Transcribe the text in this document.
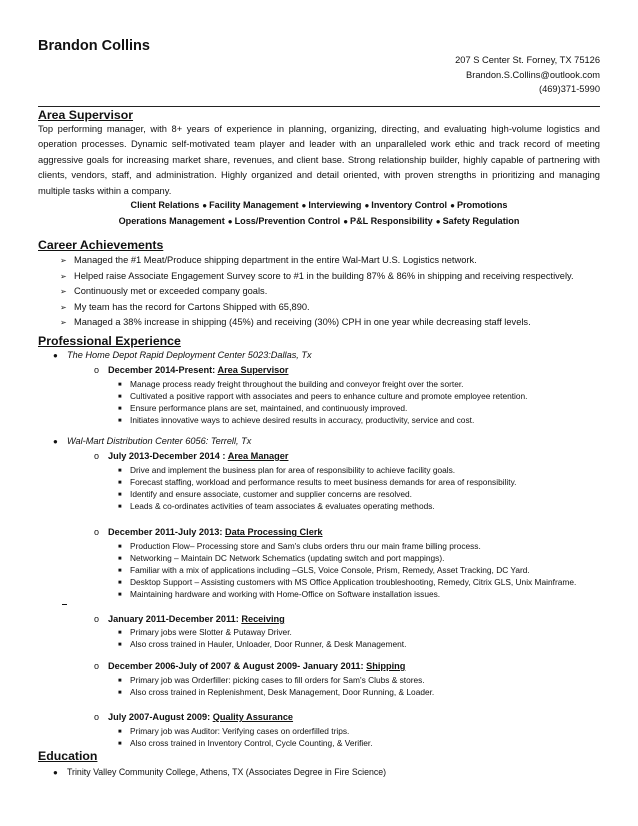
Brandon Collins
207 S Center St. Forney, TX 75126
Brandon.S.Collins@outlook.com
(469)371-5990
Area Supervisor
Top performing manager, with 8+ years of experience in planning, organizing, directing, and evaluating high-volume logistics and operation processes. Dynamic self-motivated team player and leader with an unparalleled work ethic and track record of meeting aggressive goals for increasing market share, revenues, and client base. Strong relationship builder, highly capable of partnering with clients, vendors, staff, and administration. Highly organized and detail oriented, with proven strengths in prioritizing and managing multiple tasks within a company.
Client Relations ● Facility Management ● Interviewing ● Inventory Control ● Promotions
Operations Management ● Loss/Prevention Control ● P&L Responsibility ● Safety Regulation
Career Achievements
➢ Managed the #1 Meat/Produce shipping department in the entire Wal-Mart U.S. Logistics network.
➢ Helped raise Associate Engagement Survey score to #1 in the building 87% & 86% in shipping and receiving respectively.
➢ Continuously met or exceeded company goals.
➢ My team has the record for Cartons Shipped with 65,890.
➢ Managed a 38% increase in shipping (45%) and receiving (30%) CPH in one year while decreasing staff levels.
Professional Experience
● The Home Depot Rapid Deployment Center 5023:Dallas, Tx
o December 2014-Present: Area Supervisor
■ Manage process ready freight throughout the building and conveyor freight over the sorter.
■ Cultivated a positive rapport with associates and peers to enhance culture and promote employee retention.
■ Ensure performance plans are set, maintained, and continuously improved.
■ Initiates innovative ways to achieve desired results in accuracy, productivity, service and cost.
● Wal-Mart Distribution Center 6056: Terrell, Tx
o July 2013-December 2014 : Area Manager
■ Drive and implement the business plan for area of responsibility to achieve facility goals.
■ Forecast staffing, workload and performance results to meet business demands for area of responsibility.
■ Identify and ensure associate, customer and supplier concerns are resolved.
■ Leads & co-ordinates activities of team associates & evaluates operating methods.
o December 2011-July 2013: Data Processing Clerk
■ Production Flow– Processing store and Sam's clubs orders thru our main frame billing process.
■ Networking – Maintain DC Network Schematics (updating switch and port mappings).
■ Familiar with a mix of applications including –GLS, Voice Console, Prism, Remedy, Asset Tracking, DC Yard.
■ Desktop Support – Assisting customers with MS Office Application troubleshooting, Remedy, Citrix GLS, Unix Mainframe.
■ Maintaining hardware and working with Home-Office on Software installation issues.
o January 2011-December 2011: Receiving
■ Primary jobs were Slotter & Putaway Driver.
■ Also cross trained in Hauler, Unloader, Door Runner, & Desk Management.
o December 2006-July of 2007 & August 2009- January 2011: Shipping
■ Primary job was Orderfiller: picking cases to fill orders for Sam's Clubs & stores.
■ Also cross trained in Replenishment, Desk Management, Door Running, & Loader.
o July 2007-August 2009: Quality Assurance
■ Primary job was Auditor: Verifying cases on orderfilled trips.
■ Also cross trained in Inventory Control, Cycle Counting, & Verifier.
Education
● Trinity Valley Community College, Athens, TX (Associates Degree in Fire Science)
